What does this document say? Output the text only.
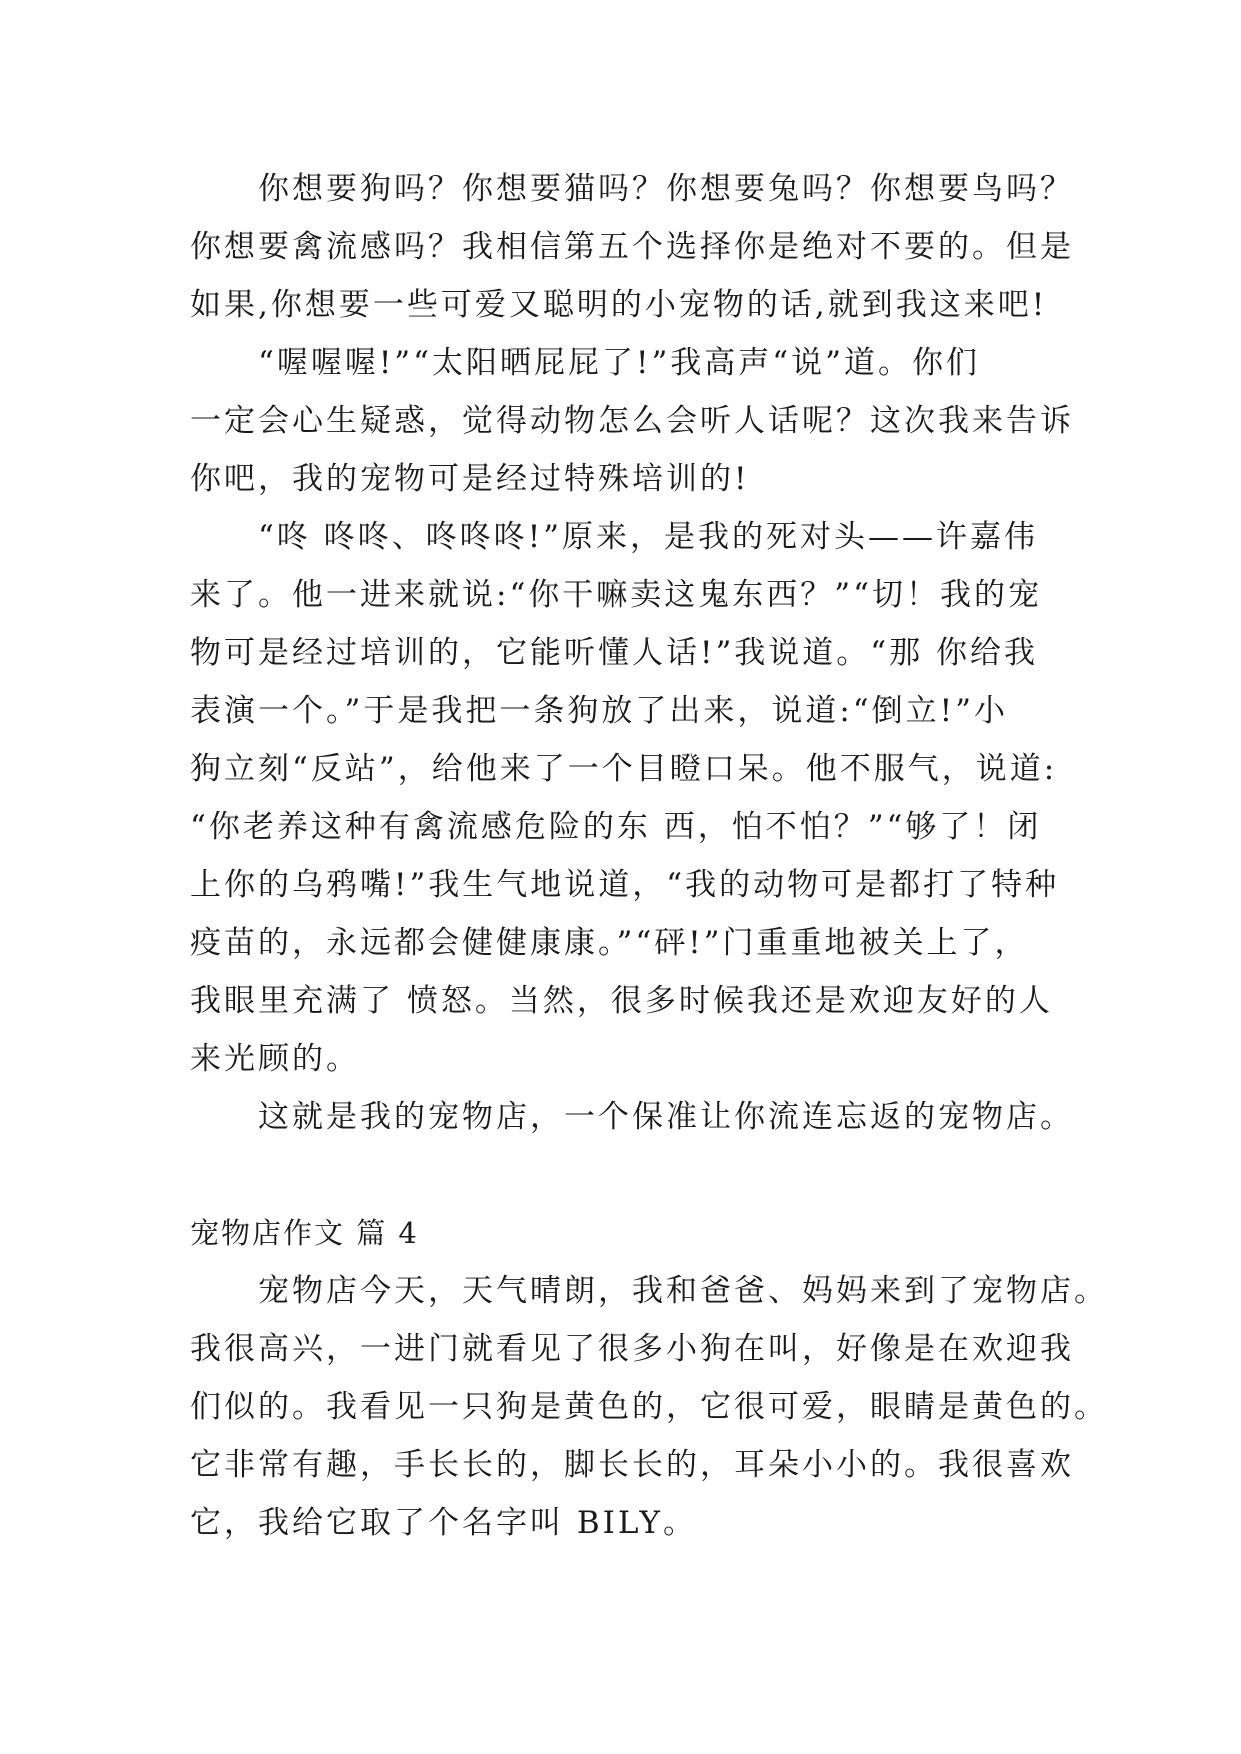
你想要狗吗？你想要猫吗？你想要兔吗？你想要鸟吗？
你想要禽流感吗？我相信第五个选择你是绝对不要的。但是
如果,你想要一些可爱又聪明的小宠物的话,就到我这来吧!
“喔喔喔!”“太阳晒屁屁了!”我高声“说”道。你们
一定会心生疑惑，觉得动物怎么会听人话呢？这次我来告诉
你吧，我的宠物可是经过特殊培训的!
“咚 咚咚、咚咚咚!”原来，是我的死对头——许嘉伟
来了。他一进来就说:“你干嘛卖这鬼东西？”“切！我的宠
物可是经过培训的，它能听懂人话!”我说道。“那 你给我
表演一个。”于是我把一条狗放了出来，说道:“倒立!”小
狗立刻“反站”，给他来了一个目瞪口呆。他不服气，说道:
“你老养这种有禽流感危险的东 西，怕不怕？”“够了！闭
上你的乌鸦嘴!”我生气地说道，“我的动物可是都打了特种
疫苗的，永远都会健健康康。”“砰!”门重重地被关上了，
我眼里充满了 愤怒。当然，很多时候我还是欢迎友好的人
来光顾的。
这就是我的宠物店，一个保准让你流连忘返的宠物店。
宠物店作文 篇 4
宠物店今天，天气晴朗，我和爸爸、妈妈来到了宠物店。
我很高兴，一进门就看见了很多小狗在叫，好像是在欢迎我
们似的。我看见一只狗是黄色的，它很可爱，眼睛是黄色的。
它非常有趣，手长长的，脚长长的，耳朵小小的。我很喜欢
它，我给它取了个名字叫 BILY。
